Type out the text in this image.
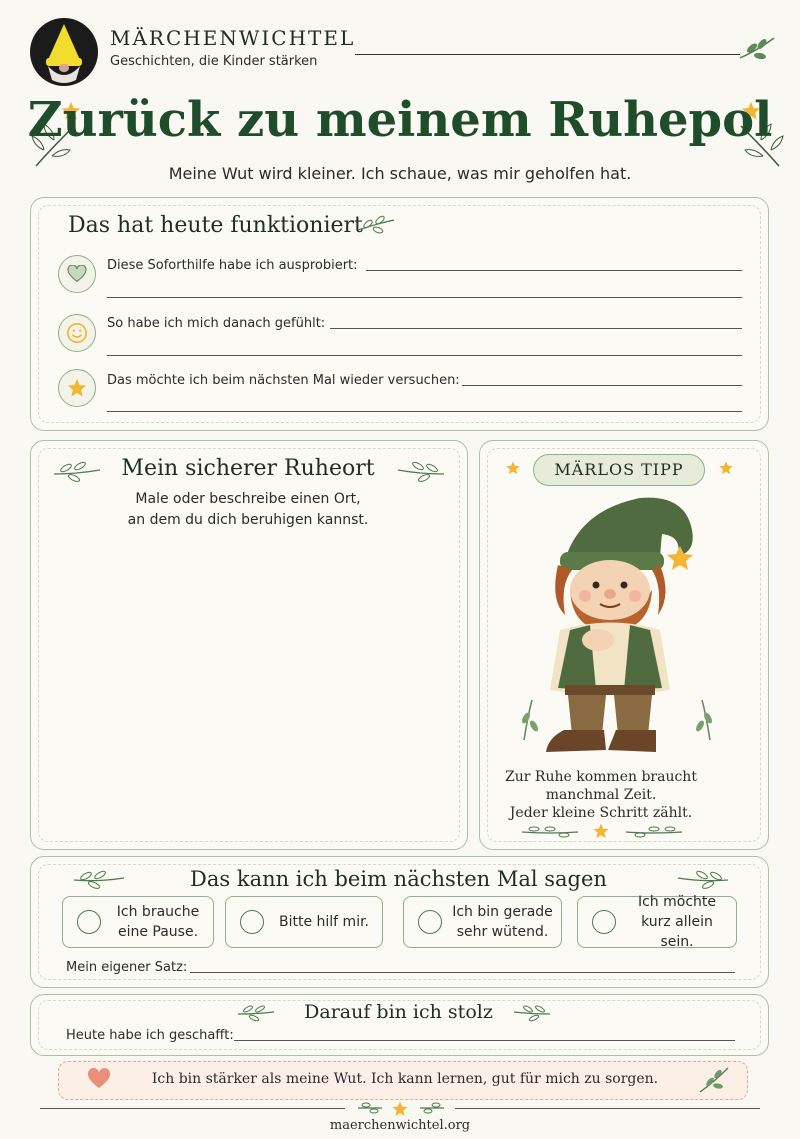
MÄRCHENWICHTEL
Geschichten, die Kinder stärken
Zurück zu meinem Ruhepol
Meine Wut wird kleiner. Ich schaue, was mir geholfen hat.
Das hat heute funktioniert
Diese Soforthilfe habe ich ausprobiert:
So habe ich mich danach gefühlt:
Das möchte ich beim nächsten Mal wieder versuchen:
Mein sicherer Ruheort
Male oder beschreibe einen Ort,
an dem du dich beruhigen kannst.
MÄRLOS TIPP
Zur Ruhe kommen braucht
manchmal Zeit.
Jeder kleine Schritt zählt.
Das kann ich beim nächsten Mal sagen
Ich brauche
eine Pause.
Bitte hilf mir.
Ich bin gerade
sehr wütend.
Ich möchte
kurz allein sein.
Mein eigener Satz:
Darauf bin ich stolz
Heute habe ich geschafft:
Ich bin stärker als meine Wut. Ich kann lernen, gut für mich zu sorgen.
maerchenwichtel.org
